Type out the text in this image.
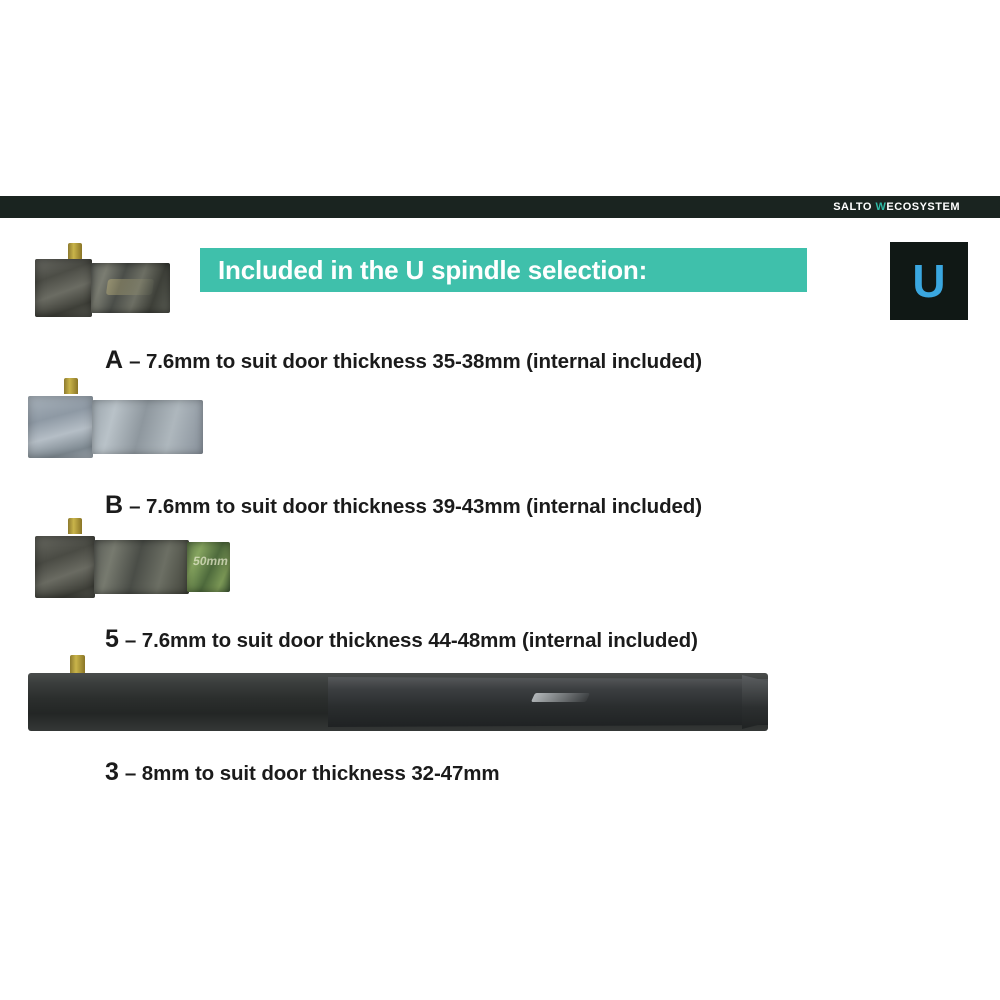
SALTO WECOSYSTEM
Included in the U spindle selection:	U
A – 7.6mm to suit door thickness 35-38mm (internal included)
B – 7.6mm to suit door thickness 39-43mm (internal included)
50mm
5 – 7.6mm to suit door thickness 44-48mm (internal included)
3 – 8mm to suit door thickness 32-47mm
